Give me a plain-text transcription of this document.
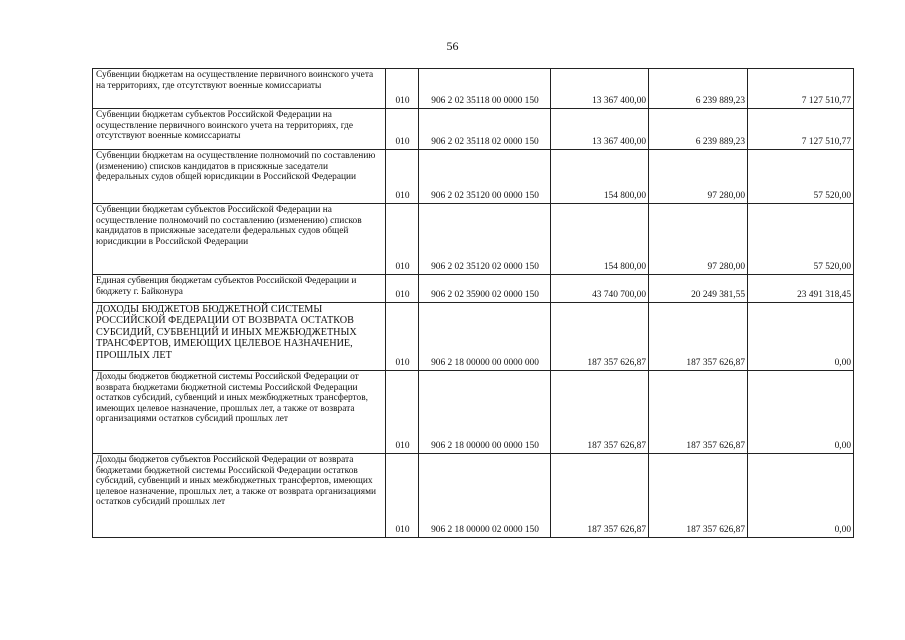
56
Субвенции бюджетам на осуществление первичного воинского учета на территориях, где отсутствуют военные комиссариаты	010	906 2 02 35118 00 0000 150	13 367 400,00	6 239 889,23	7 127 510,77
Субвенции бюджетам субъектов Российской Федерации на осуществление первичного воинского учета на территориях, где отсутствуют военные комиссариаты	010	906 2 02 35118 02 0000 150	13 367 400,00	6 239 889,23	7 127 510,77
Субвенции бюджетам на осуществление полномочий по составлению (изменению) списков кандидатов в присяжные заседатели федеральных судов общей юрисдикции в Российской Федерации	010	906 2 02 35120 00 0000 150	154 800,00	97 280,00	57 520,00
Субвенции бюджетам субъектов Российской Федерации на осуществление полномочий по составлению (изменению) списков кандидатов в присяжные заседатели федеральных судов общей юрисдикции в Российской Федерации	010	906 2 02 35120 02 0000 150	154 800,00	97 280,00	57 520,00
Единая субвенция бюджетам субъектов Российской Федерации и бюджету г. Байконура	010	906 2 02 35900 02 0000 150	43 740 700,00	20 249 381,55	23 491 318,45
ДОХОДЫ БЮДЖЕТОВ БЮДЖЕТНОЙ СИСТЕМЫ РОССИЙСКОЙ ФЕДЕРАЦИИ ОТ ВОЗВРАТА ОСТАТКОВ СУБСИДИЙ, СУБВЕНЦИЙ И ИНЫХ МЕЖБЮДЖЕТНЫХ ТРАНСФЕРТОВ, ИМЕЮЩИХ ЦЕЛЕВОЕ НАЗНАЧЕНИЕ, ПРОШЛЫХ ЛЕТ	010	906 2 18 00000 00 0000 000	187 357 626,87	187 357 626,87	0,00
Доходы бюджетов бюджетной системы Российской Федерации от возврата бюджетами бюджетной системы Российской Федерации остатков субсидий, субвенций и иных межбюджетных трансфертов, имеющих целевое назначение, прошлых лет, а также от возврата организациями остатков субсидий прошлых лет	010	906 2 18 00000 00 0000 150	187 357 626,87	187 357 626,87	0,00
Доходы бюджетов субъектов Российской Федерации от возврата бюджетами бюджетной системы Российской Федерации остатков субсидий, субвенций и иных межбюджетных трансфертов, имеющих целевое назначение, прошлых лет, а также от возврата организациями остатков субсидий прошлых лет	010	906 2 18 00000 02 0000 150	187 357 626,87	187 357 626,87	0,00
